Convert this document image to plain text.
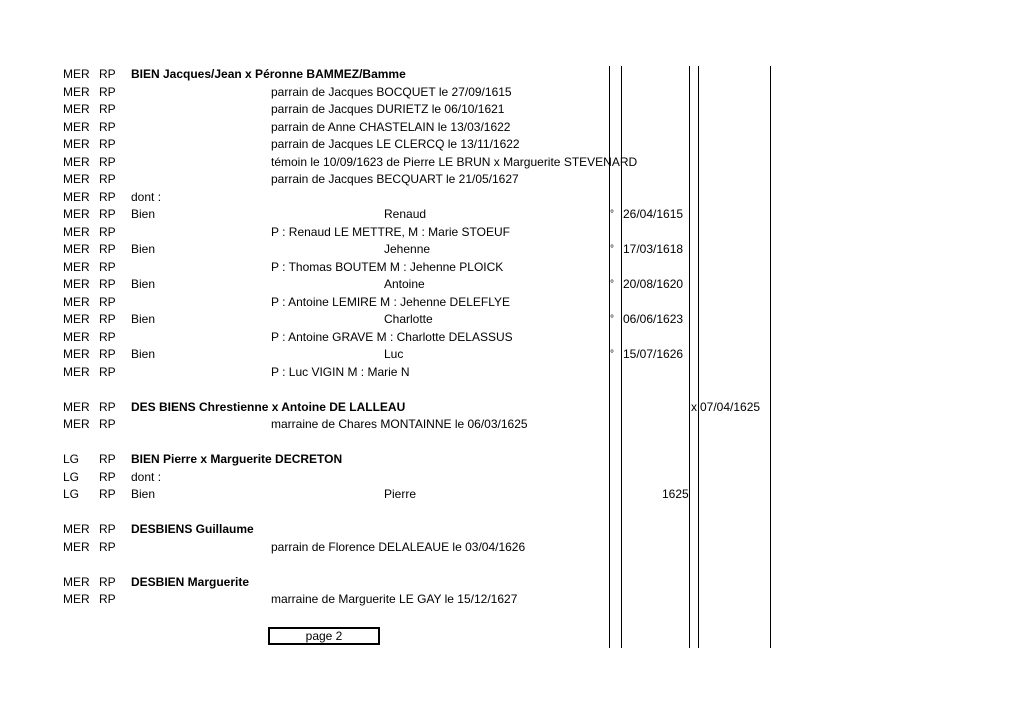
MER RP BIEN Jacques/Jean x Péronne BAMMEZ/Bamme
MER RP	parrain de Jacques BOCQUET le 27/09/1615
MER RP	parrain de Jacques DURIETZ le 06/10/1621
MER RP	parrain de Anne CHASTELAIN le 13/03/1622
MER RP	parrain de Jacques LE CLERCQ le 13/11/1622
MER RP	témoin le 10/09/1623 de Pierre LE BRUN x Marguerite STEVENARD
MER RP	parrain de Jacques BECQUART le 21/05/1627
MER RP dont :
MER RP Bien	Renaud	° 26/04/1615
MER RP	P : Renaud LE METTRE, M : Marie STOEUF
MER RP Bien	Jehenne	° 17/03/1618
MER RP	P : Thomas BOUTEM M : Jehenne PLOICK
MER RP Bien	Antoine	° 20/08/1620
MER RP	P : Antoine LEMIRE M : Jehenne DELEFLYE
MER RP Bien	Charlotte	° 06/06/1623
MER RP	P : Antoine GRAVE M : Charlotte DELASSUS
MER RP Bien	Luc	° 15/07/1626
MER RP	P : Luc VIGIN M : Marie N
MER RP DES BIENS Chrestienne x Antoine DE LALLEAU	x 07/04/1625
MER RP	marraine de Chares MONTAINNE le 06/03/1625
LG RP BIEN Pierre x Marguerite DECRETON
LG RP dont :
LG RP Bien	Pierre	1625
MER RP DESBIENS Guillaume
MER RP	parrain de Florence DELALEAUE le 03/04/1626
MER RP DESBIEN Marguerite
MER RP	marraine de Marguerite LE GAY le 15/12/1627
page 2
